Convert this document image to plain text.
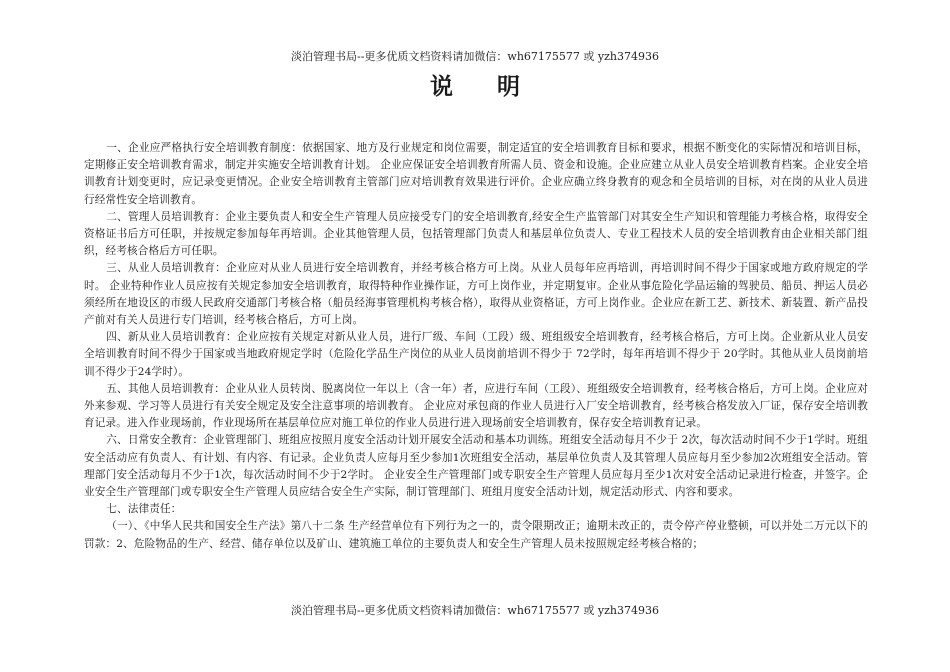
淡泊管理书局--更多优质文档资料请加微信：wh67175577 或 yzh374936
说 明

一、企业应严格执行安全培训教育制度：依据国家、地方及行业规定和岗位需要，制定适宜的安全培训教育目标和要求，根据不断变化的实际情况和培训目标，定期修正安全培训教育需求，制定并实施安全培训教育计划。 企业应保证安全培训教育所需人员、资金和设施。企业应建立从业人员安全培训教育档案。企业安全培训教育计划变更时，应记录变更情况。企业安全培训教育主管部门应对培训教育效果进行评价。企业应确立终身教育的观念和全员培训的目标，对在岗的从业人员进行经常性安全培训教育。

二、管理人员培训教育：企业主要负责人和安全生产管理人员应接受专门的安全培训教育,经安全生产监管部门对其安全生产知识和管理能力考核合格，取得安全资格证书后方可任职，并按规定参加每年再培训。企业其他管理人员，包括管理部门负责人和基层单位负责人、专业工程技术人员的安全培训教育由企业相关部门组织，经考核合格后方可任职。

三、从业人员培训教育：企业应对从业人员进行安全培训教育，并经考核合格方可上岗。从业人员每年应再培训，再培训时间不得少于国家或地方政府规定的学时。 企业特种作业人员应按有关规定参加安全培训教育，取得特种作业操作证，方可上岗作业，并定期复审。企业从事危险化学品运输的驾驶员、船员、押运人员必须经所在地设区的市级人民政府交通部门考核合格（船员经海事管理机构考核合格），取得从业资格证，方可上岗作业。企业应在新工艺、新技术、新装置、新产品投产前对有关人员进行专门培训，经考核合格后，方可上岗。

四、新从业人员培训教育：企业应按有关规定对新从业人员，进行厂级、车间（工段）级、班组级安全培训教育，经考核合格后，方可上岗。企业新从业人员安全培训教育时间不得少于国家或当地政府规定学时（危险化学品生产岗位的从业人员岗前培训不得少于 72学时，每年再培训不得少于 20学时。其他从业人员岗前培训不得少于24学时）。

五、其他人员培训教育：企业从业人员转岗、脱离岗位一年以上（含一年）者，应进行车间（工段）、班组级安全培训教育，经考核合格后，方可上岗。企业应对外来参观、学习等人员进行有关安全规定及安全注意事项的培训教育。 企业应对承包商的作业人员进行入厂安全培训教育，经考核合格发放入厂证，保存安全培训教育记录。进入作业现场前，作业现场所在基层单位应对施工单位的作业人员进行进入现场前安全培训教育，保存安全培训教育记录。

六、日常安全教育：企业管理部门、班组应按照月度安全活动计划开展安全活动和基本功训练。班组安全活动每月不少于 2次，每次活动时间不少于1学时。班组安全活动应有负责人、有计划、有内容、有记录。企业负责人应每月至少参加1次班组安全活动，基层单位负责人及其管理人员应每月至少参加2次班组安全活动。管理部门安全活动每月不少于1次，每次活动时间不少于2学时。 企业安全生产管理部门或专职安全生产管理人员应每月至少1次对安全活动记录进行检查，并签字。企业安全生产管理部门或专职安全生产管理人员应结合安全生产实际，制订管理部门、班组月度安全活动计划，规定活动形式、内容和要求。

七、法律责任：

（一）、《中华人民共和国安全生产法》第八十二条 生产经营单位有下列行为之一的，责令限期改正；逾期未改正的，责令停产停业整顿，可以并处二万元以下的罚款：2、危险物品的生产、经营、储存单位以及矿山、建筑施工单位的主要负责人和安全生产管理人员未按照规定经考核合格的；

淡泊管理书局--更多优质文档资料请加微信：wh67175577 或 yzh374936
